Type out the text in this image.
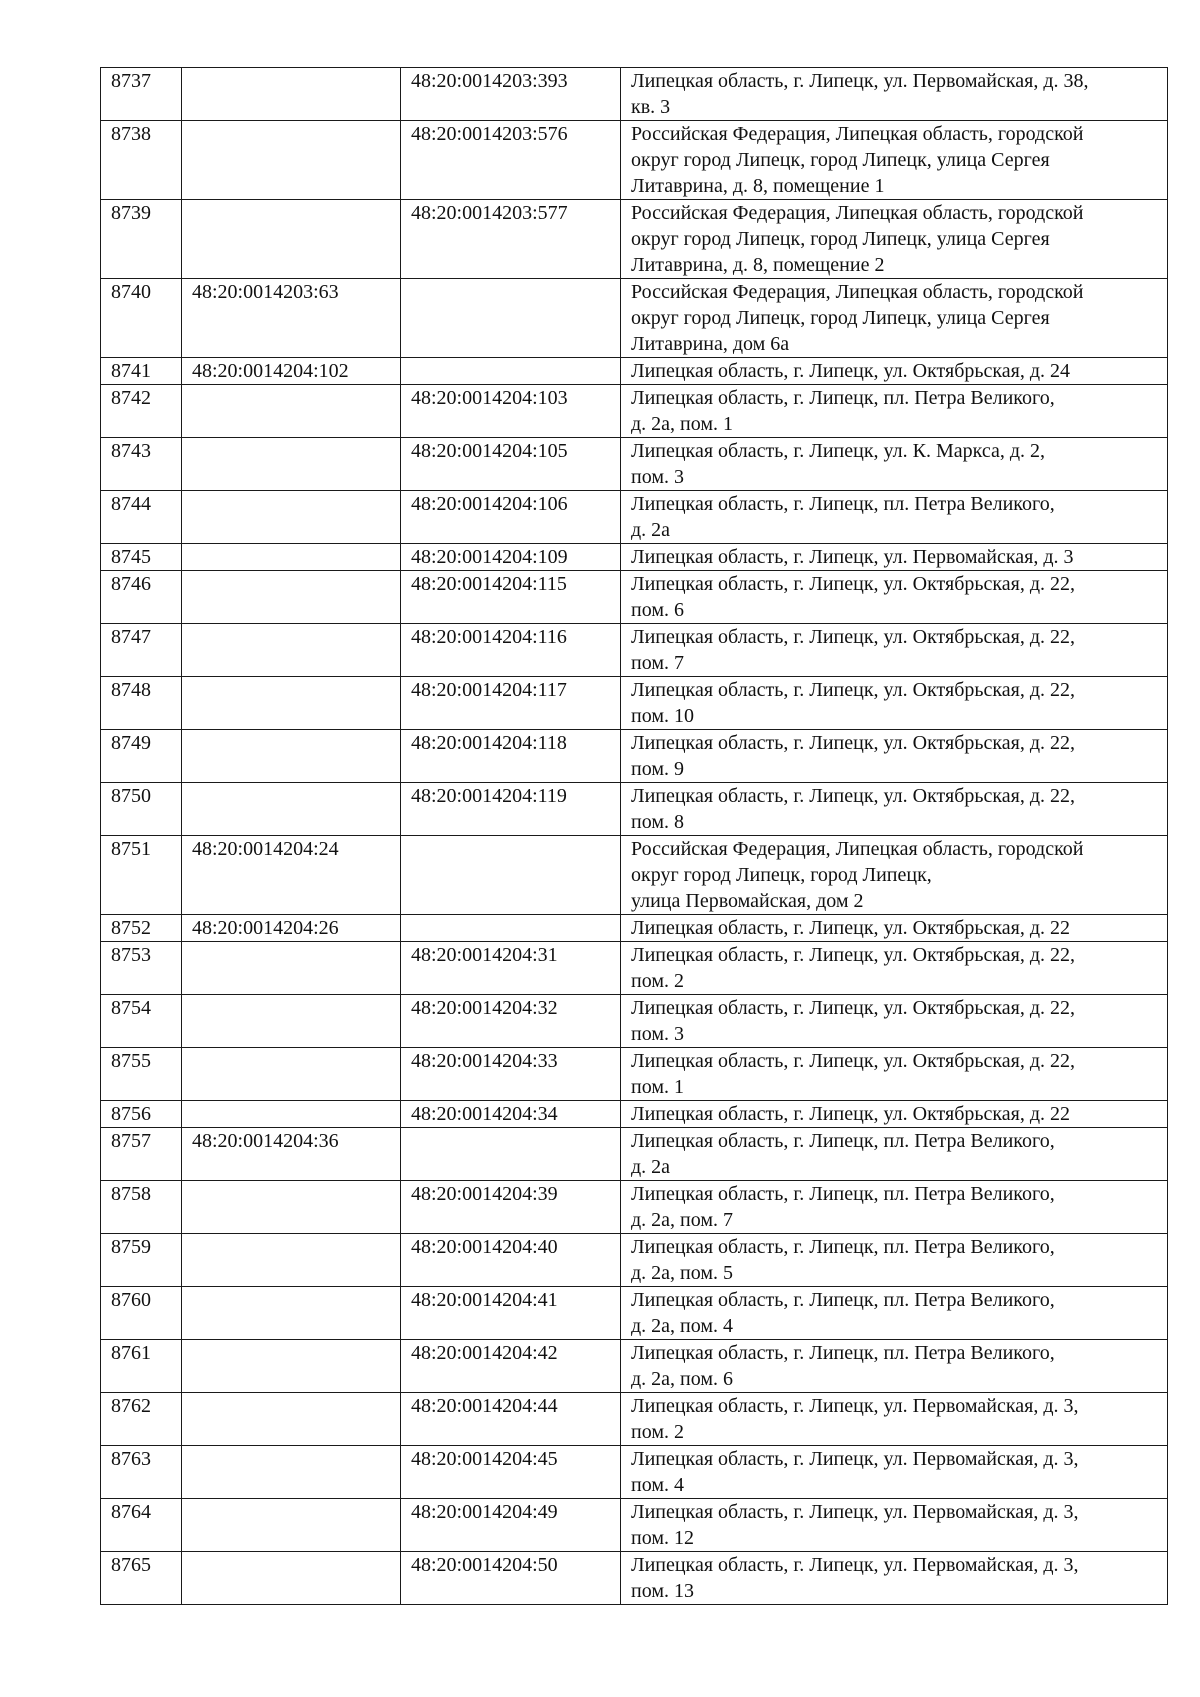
8737		48:20:0014203:393	Липецкая область, г. Липецк, ул. Первомайская, д. 38,
кв. 3

8738		48:20:0014203:576	Российская Федерация, Липецкая область, городской
округ город Липецк, город Липецк, улица Сергея
Литаврина, д. 8, помещение 1

8739		48:20:0014203:577	Российская Федерация, Липецкая область, городской
округ город Липецк, город Липецк, улица Сергея
Литаврина, д. 8, помещение 2

8740	48:20:0014203:63		Российская Федерация, Липецкая область, городской
округ город Липецк, город Липецк, улица Сергея
Литаврина, дом 6а

8741	48:20:0014204:102		Липецкая область, г. Липецк, ул. Октябрьская, д. 24

8742		48:20:0014204:103	Липецкая область, г. Липецк, пл. Петра Великого,
д. 2а, пом. 1

8743		48:20:0014204:105	Липецкая область, г. Липецк, ул. К. Маркса, д. 2,
пом. 3

8744		48:20:0014204:106	Липецкая область, г. Липецк, пл. Петра Великого,
д. 2а

8745		48:20:0014204:109	Липецкая область, г. Липецк, ул. Первомайская, д. 3

8746		48:20:0014204:115	Липецкая область, г. Липецк, ул. Октябрьская, д. 22,
пом. 6

8747		48:20:0014204:116	Липецкая область, г. Липецк, ул. Октябрьская, д. 22,
пом. 7

8748		48:20:0014204:117	Липецкая область, г. Липецк, ул. Октябрьская, д. 22,
пом. 10

8749		48:20:0014204:118	Липецкая область, г. Липецк, ул. Октябрьская, д. 22,
пом. 9

8750		48:20:0014204:119	Липецкая область, г. Липецк, ул. Октябрьская, д. 22,
пом. 8

8751	48:20:0014204:24		Российская Федерация, Липецкая область, городской
округ город Липецк, город Липецк,
улица Первомайская, дом 2

8752	48:20:0014204:26		Липецкая область, г. Липецк, ул. Октябрьская, д. 22

8753		48:20:0014204:31	Липецкая область, г. Липецк, ул. Октябрьская, д. 22,
пом. 2

8754		48:20:0014204:32	Липецкая область, г. Липецк, ул. Октябрьская, д. 22,
пом. 3

8755		48:20:0014204:33	Липецкая область, г. Липецк, ул. Октябрьская, д. 22,
пом. 1

8756		48:20:0014204:34	Липецкая область, г. Липецк, ул. Октябрьская, д. 22

8757	48:20:0014204:36		Липецкая область, г. Липецк, пл. Петра Великого,
д. 2а

8758		48:20:0014204:39	Липецкая область, г. Липецк, пл. Петра Великого,
д. 2а, пом. 7

8759		48:20:0014204:40	Липецкая область, г. Липецк, пл. Петра Великого,
д. 2а, пом. 5

8760		48:20:0014204:41	Липецкая область, г. Липецк, пл. Петра Великого,
д. 2а, пом. 4

8761		48:20:0014204:42	Липецкая область, г. Липецк, пл. Петра Великого,
д. 2а, пом. 6

8762		48:20:0014204:44	Липецкая область, г. Липецк, ул. Первомайская, д. 3,
пом. 2

8763		48:20:0014204:45	Липецкая область, г. Липецк, ул. Первомайская, д. 3,
пом. 4

8764		48:20:0014204:49	Липецкая область, г. Липецк, ул. Первомайская, д. 3,
пом. 12

8765		48:20:0014204:50	Липецкая область, г. Липецк, ул. Первомайская, д. 3,
пом. 13
